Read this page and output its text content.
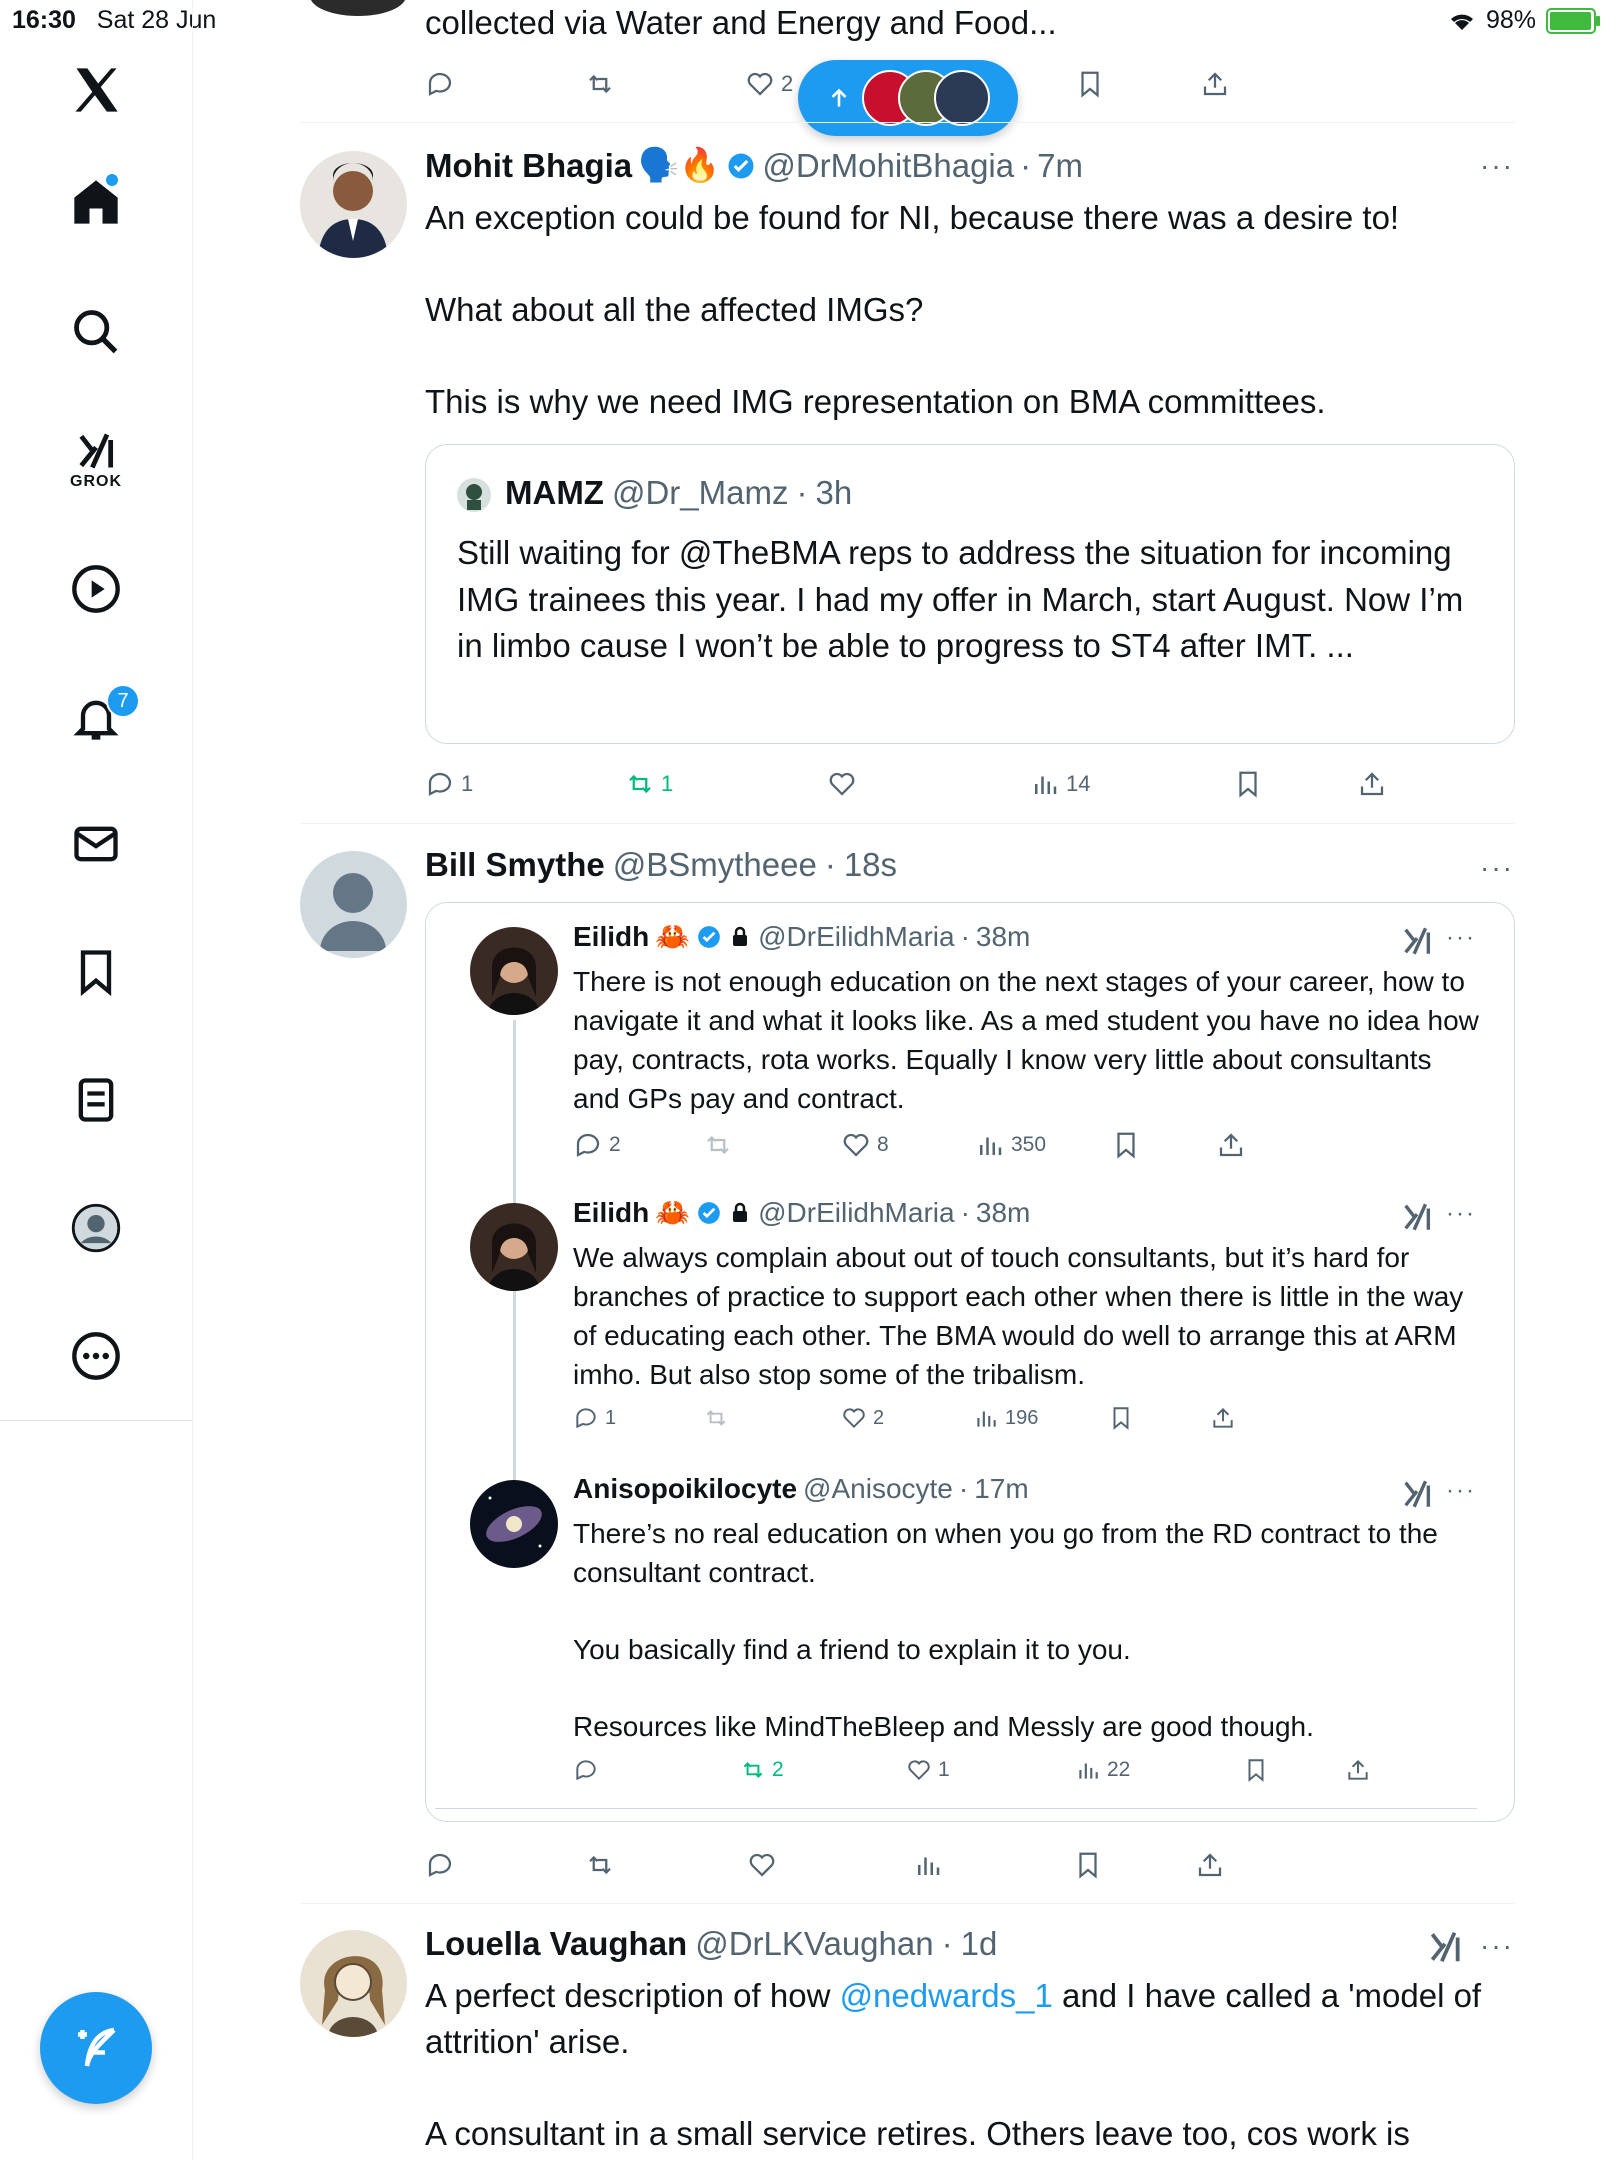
16:30 Sat 28 Jun	98%
GROK
7
collected via Water and Energy and Food...
2
Mohit Bhagia 🗣️🔥 @DrMohitBhagia · 7m	···
An exception could be found for NI, because there was a desire to!
What about all the affected IMGs?
This is why we need IMG representation on BMA committees.
MAMZ @Dr_Mamz · 3h
Still waiting for @TheBMA reps to address the situation for incoming IMG trainees this year. I had my offer in March, start August. Now I’m in limbo cause I won’t be able to progress to ST4 after IMT. ...
1	1	14
Bill Smythe @BSmytheee · 18s	···
Eilidh 🦀 @DrEilidhMaria · 38m	···
There is not enough education on the next stages of your career, how to navigate it and what it looks like. As a med student you have no idea how pay, contracts, rota works. Equally I know very little about consultants and GPs pay and contract.
2	8	350
Eilidh 🦀 @DrEilidhMaria · 38m	···
We always complain about out of touch consultants, but it’s hard for branches of practice to support each other when there is little in the way of educating each other. The BMA would do well to arrange this at ARM imho. But also stop some of the tribalism.
1	2	196
Anisopoikilocyte @Anisocyte · 17m	···
There’s no real education on when you go from the RD contract to the consultant contract.
You basically find a friend to explain it to you.
Resources like MindTheBleep and Messly are good though.
2	1	22
Louella Vaughan @DrLKVaughan · 1d	···
A perfect description of how @nedwards_1 and I have called a 'model of attrition' arise.
A consultant in a small service retires. Others leave too, cos work is
